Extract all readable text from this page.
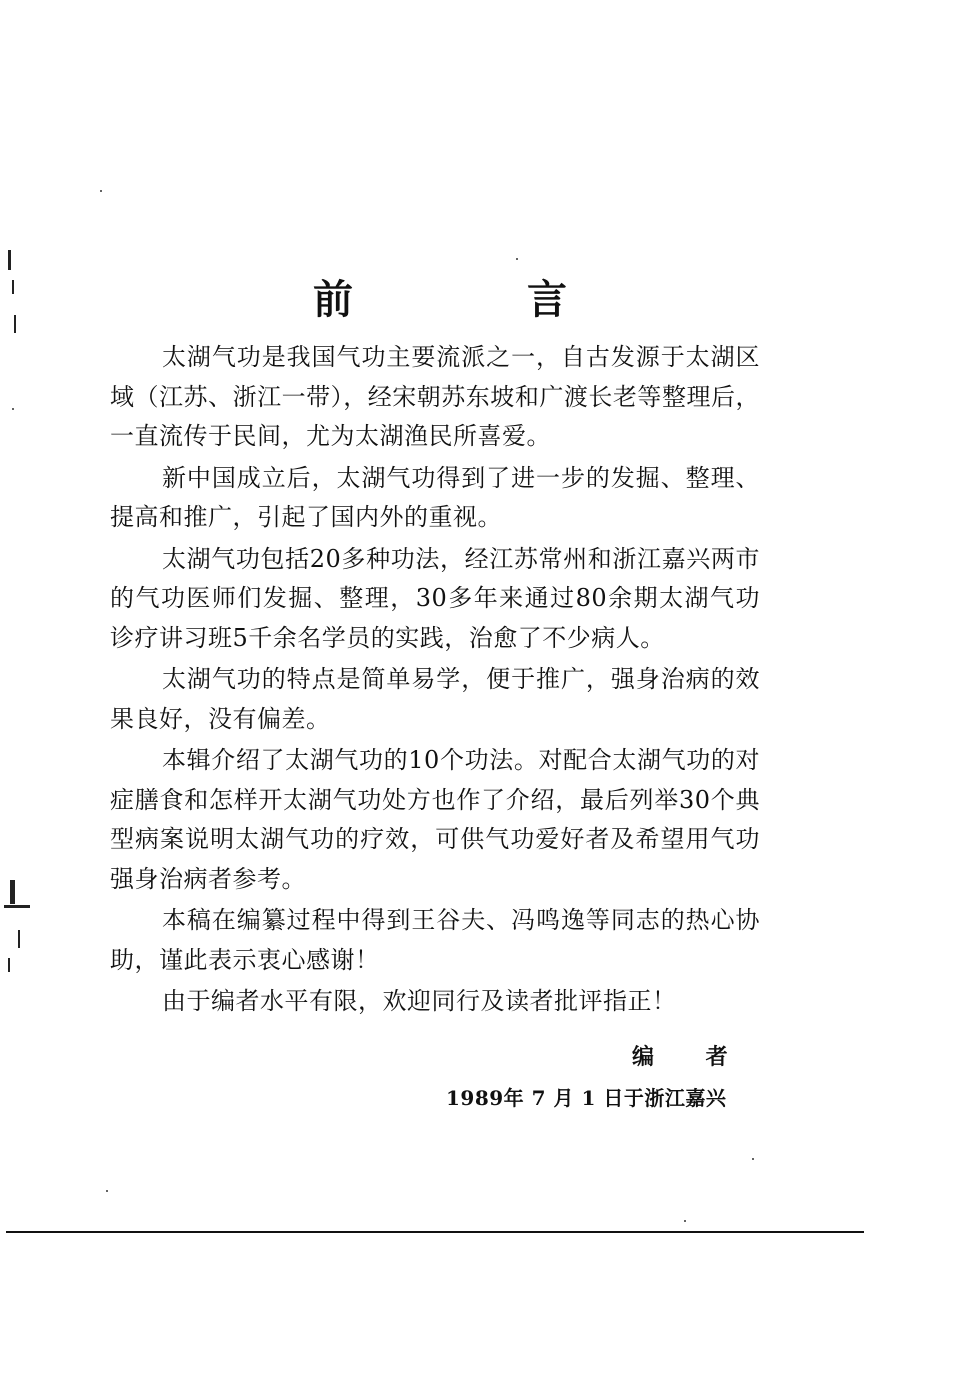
前 言

太湖气功是我国气功主要流派之一，自古发源于太湖区域（江苏、浙江一带），经宋朝苏东坡和广渡长老等整理后，一直流传于民间，尤为太湖渔民所喜爱。

新中国成立后，太湖气功得到了进一步的发掘、整理、提高和推广，引起了国内外的重视。

太湖气功包括20多种功法，经江苏常州和浙江嘉兴两市的气功医师们发掘、整理，30多年来通过80余期太湖气功诊疗讲习班5千余名学员的实践，治愈了不少病人。

太湖气功的特点是简单易学，便于推广，强身治病的效果良好，没有偏差。

本辑介绍了太湖气功的10个功法。对配合太湖气功的对症膳食和怎样开太湖气功处方也作了介绍，最后列举30个典型病案说明太湖气功的疗效，可供气功爱好者及希望用气功强身治病者参考。

本稿在编纂过程中得到王谷夫、冯鸣逸等同志的热心协助，谨此表示衷心感谢！

由于编者水平有限，欢迎同行及读者批评指正！

编 者
1989年 7 月 1 日于浙江嘉兴
